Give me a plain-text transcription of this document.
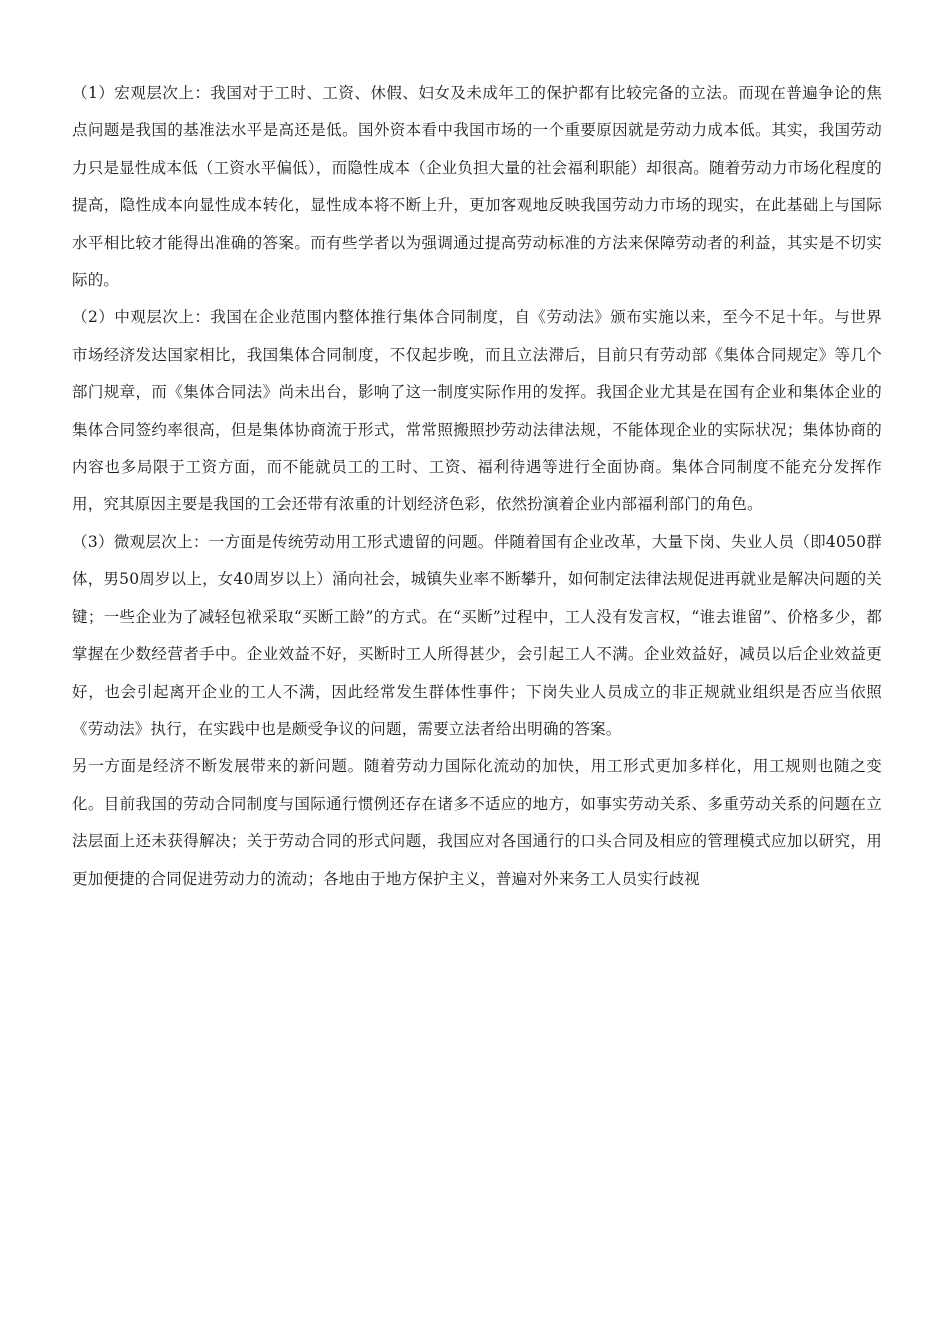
（1）宏观层次上：我国对于工时、工资、休假、妇女及未成年工的保护都有比较完备的立法。而现在普遍争论的焦点问题是我国的基准法水平是高还是低。国外资本看中我国市场的一个重要原因就是劳动力成本低。其实，我国劳动力只是显性成本低（工资水平偏低），而隐性成本（企业负担大量的社会福利职能）却很高。随着劳动力市场化程度的提高，隐性成本向显性成本转化，显性成本将不断上升，更加客观地反映我国劳动力市场的现实，在此基础上与国际水平相比较才能得出准确的答案。而有些学者以为强调通过提高劳动标准的方法来保障劳动者的利益，其实是不切实际的。

（2）中观层次上：我国在企业范围内整体推行集体合同制度，自《劳动法》颁布实施以来，至今不足十年。与世界市场经济发达国家相比，我国集体合同制度，不仅起步晚，而且立法滞后，目前只有劳动部《集体合同规定》等几个部门规章，而《集体合同法》尚未出台，影响了这一制度实际作用的发挥。我国企业尤其是在国有企业和集体企业的集体合同签约率很高，但是集体协商流于形式，常常照搬照抄劳动法律法规，不能体现企业的实际状况；集体协商的内容也多局限于工资方面，而不能就员工的工时、工资、福利待遇等进行全面协商。集体合同制度不能充分发挥作用，究其原因主要是我国的工会还带有浓重的计划经济色彩，依然扮演着企业内部福利部门的角色。

（3）微观层次上：一方面是传统劳动用工形式遗留的问题。伴随着国有企业改革，大量下岗、失业人员（即4050群体，男50周岁以上，女40周岁以上）涌向社会，城镇失业率不断攀升，如何制定法律法规促进再就业是解决问题的关键；一些企业为了减轻包袱采取“买断工龄”的方式。在“买断”过程中，工人没有发言权，“谁去谁留”、价格多少，都掌握在少数经营者手中。企业效益不好，买断时工人所得甚少，会引起工人不满。企业效益好，减员以后企业效益更好，也会引起离开企业的工人不满，因此经常发生群体性事件；下岗失业人员成立的非正规就业组织是否应当依照《劳动法》执行，在实践中也是颇受争议的问题，需要立法者给出明确的答案。

另一方面是经济不断发展带来的新问题。随着劳动力国际化流动的加快，用工形式更加多样化，用工规则也随之变化。目前我国的劳动合同制度与国际通行惯例还存在诸多不适应的地方，如事实劳动关系、多重劳动关系的问题在立法层面上还未获得解决；关于劳动合同的形式问题，我国应对各国通行的口头合同及相应的管理模式应加以研究，用更加便捷的合同促进劳动力的流动；各地由于地方保护主义，普遍对外来务工人员实行歧视
